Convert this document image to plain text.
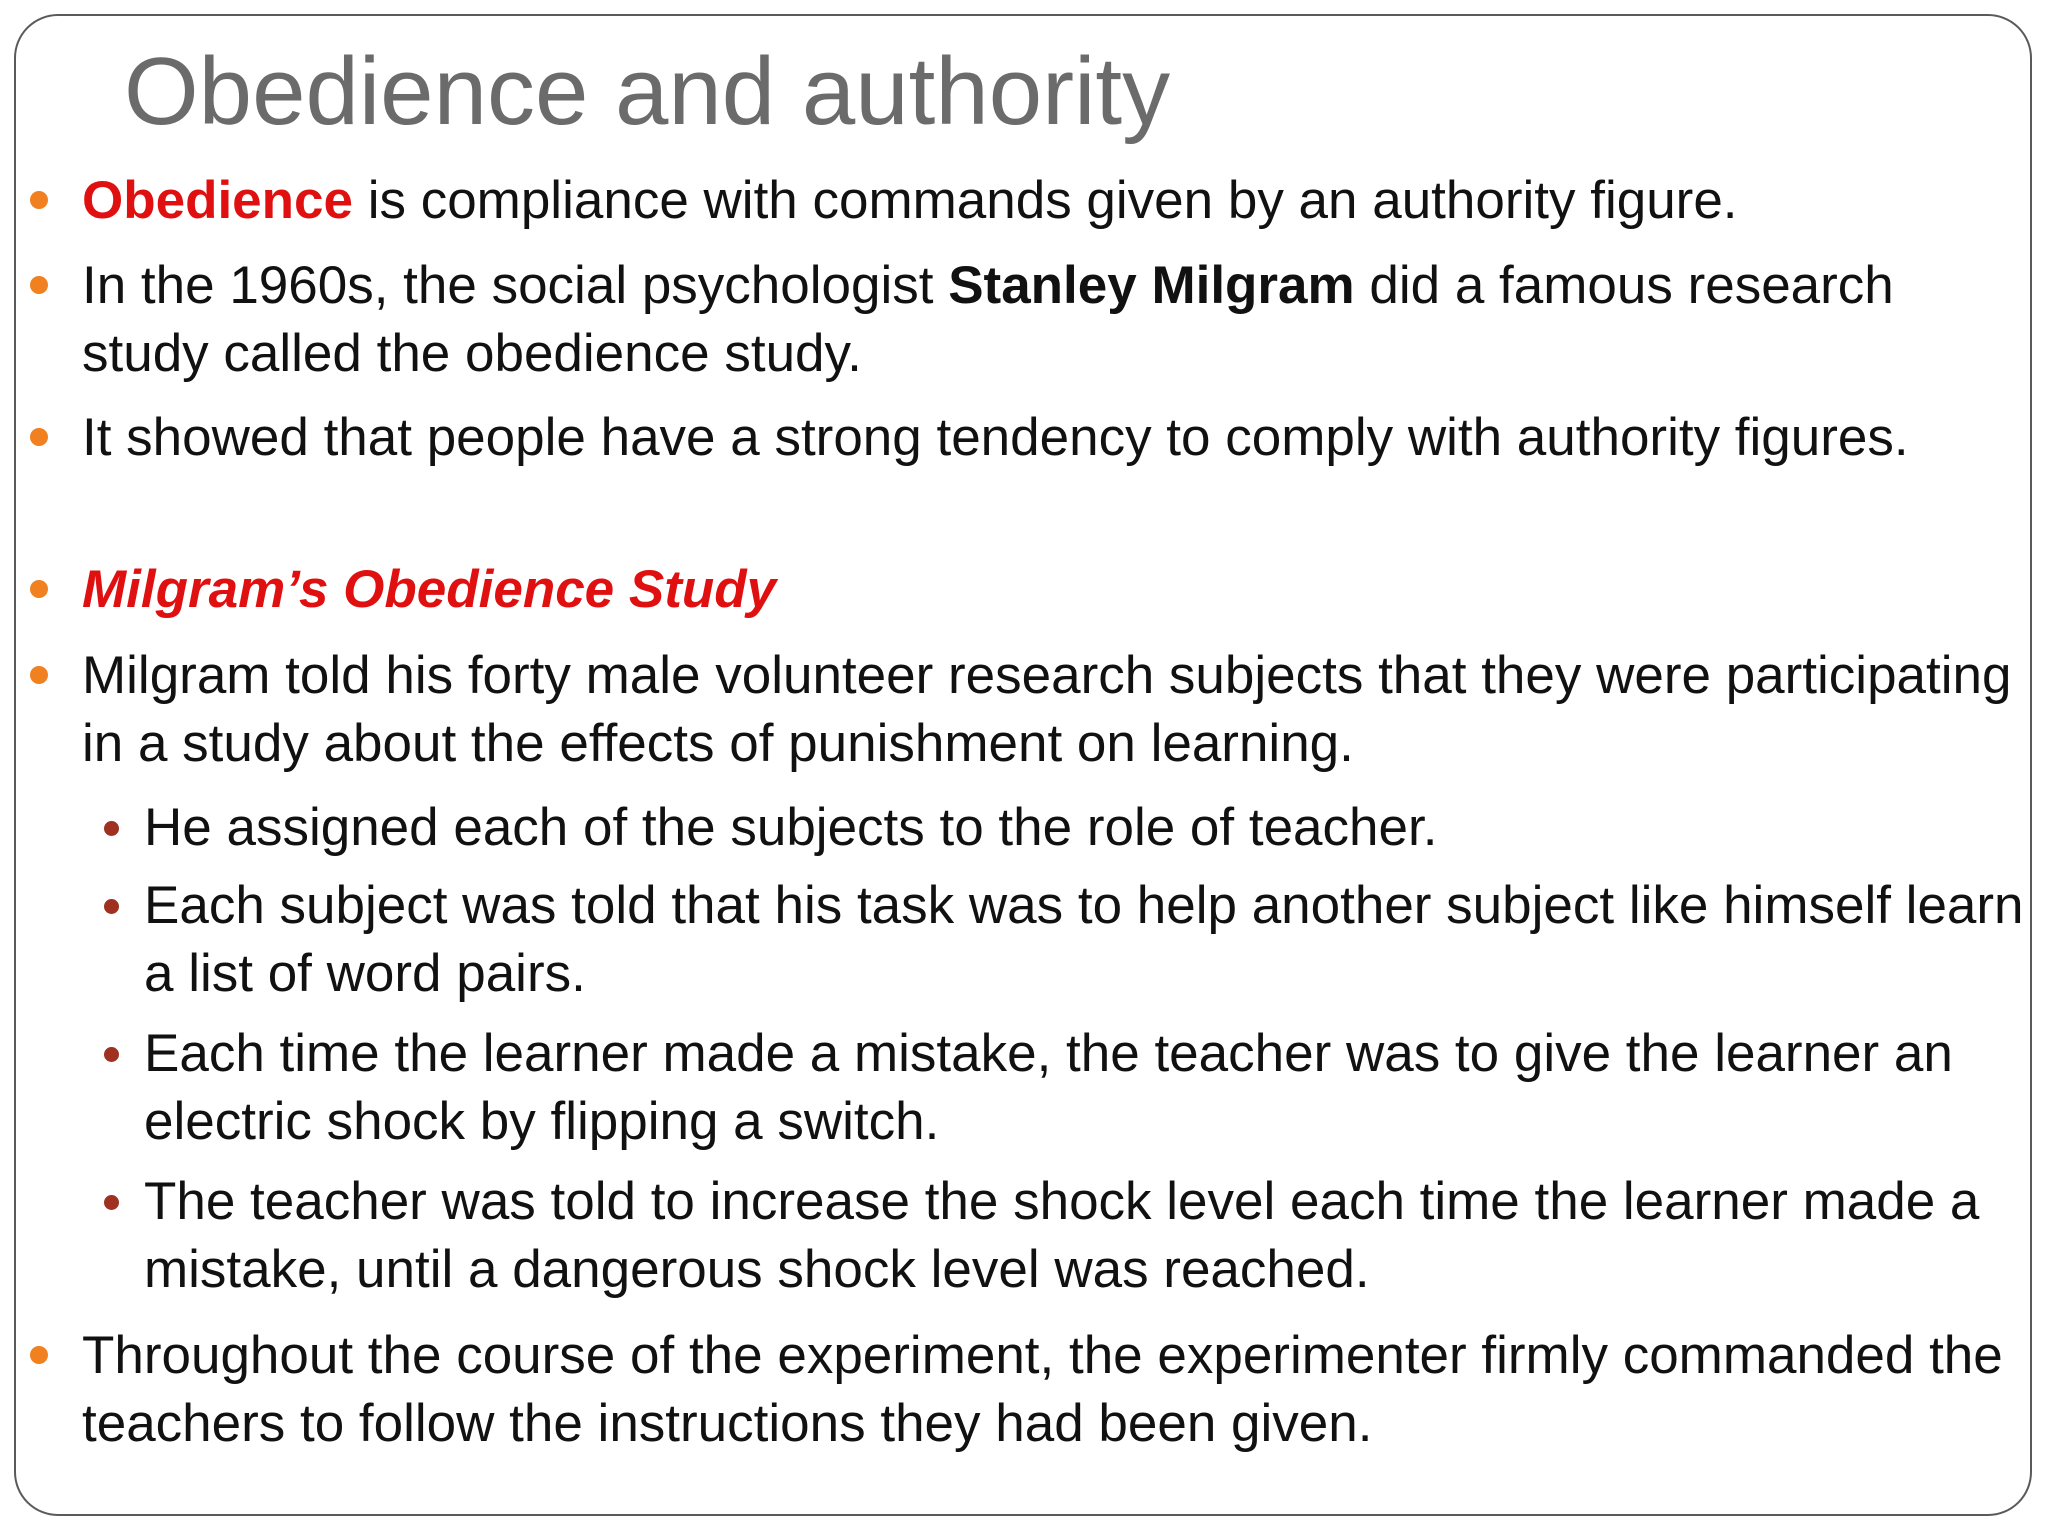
Obedience and authority
Obedience is compliance with commands given by an authority figure.
In the 1960s, the social psychologist Stanley Milgram did a famous research study called the obedience study.
It showed that people have a strong tendency to comply with authority figures.
Milgram’s Obedience Study
Milgram told his forty male volunteer research subjects that they were participating in a study about the effects of punishment on learning.
He assigned each of the subjects to the role of teacher.
Each subject was told that his task was to help another subject like himself learn a list of word pairs.
Each time the learner made a mistake, the teacher was to give the learner an electric shock by flipping a switch.
The teacher was told to increase the shock level each time the learner made a mistake, until a dangerous shock level was reached.
Throughout the course of the experiment, the experimenter firmly commanded the teachers to follow the instructions they had been given.
